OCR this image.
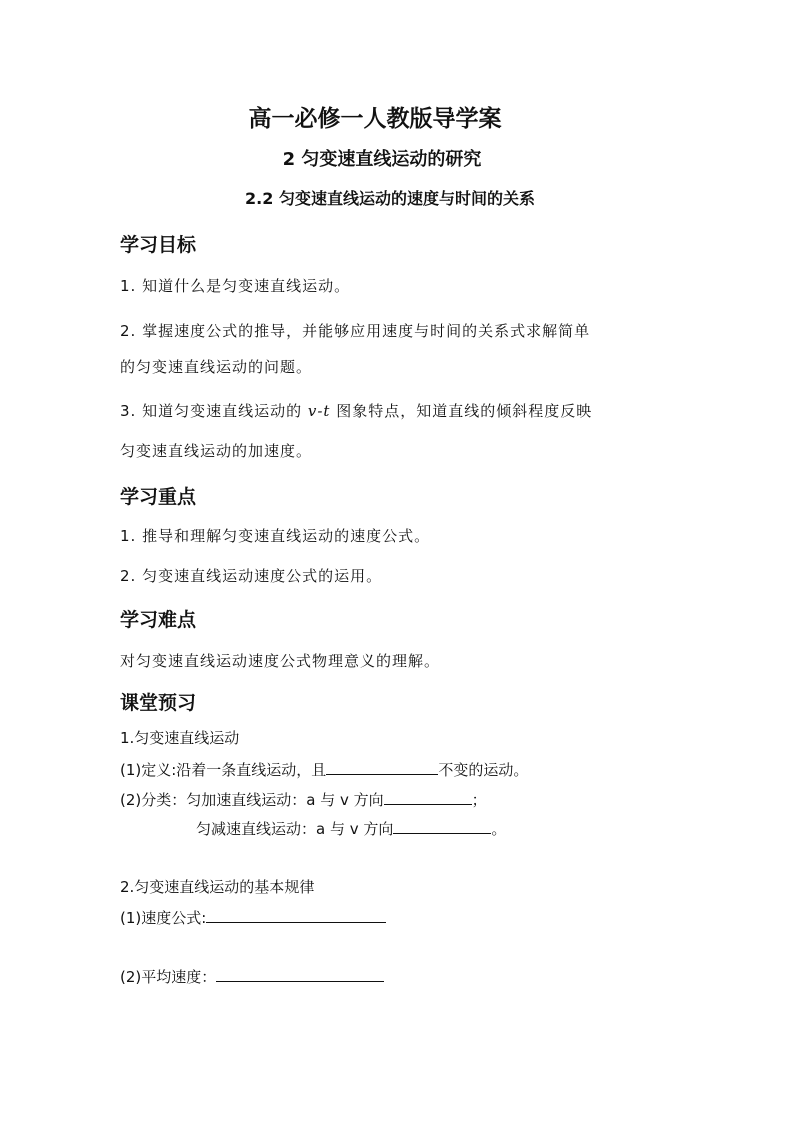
高一必修一人教版导学案
2 匀变速直线运动的研究
2.2 匀变速直线运动的速度与时间的关系
学习目标
1. 知道什么是匀变速直线运动。
2. 掌握速度公式的推导，并能够应用速度与时间的关系式求解简单
的匀变速直线运动的问题。
3. 知道匀变速直线运动的 v-t 图象特点，知道直线的倾斜程度反映
匀变速直线运动的加速度。
学习重点
1. 推导和理解匀变速直线运动的速度公式。
2. 匀变速直线运动速度公式的运用。
学习难点
对匀变速直线运动速度公式物理意义的理解。
课堂预习
1.匀变速直线运动
(1)定义:沿着一条直线运动，且	不变的运动。
(2)分类：匀加速直线运动：a 与 v 方向	；
匀减速直线运动：a 与 v 方向	。
2.匀变速直线运动的基本规律
(1)速度公式:
(2)平均速度：
